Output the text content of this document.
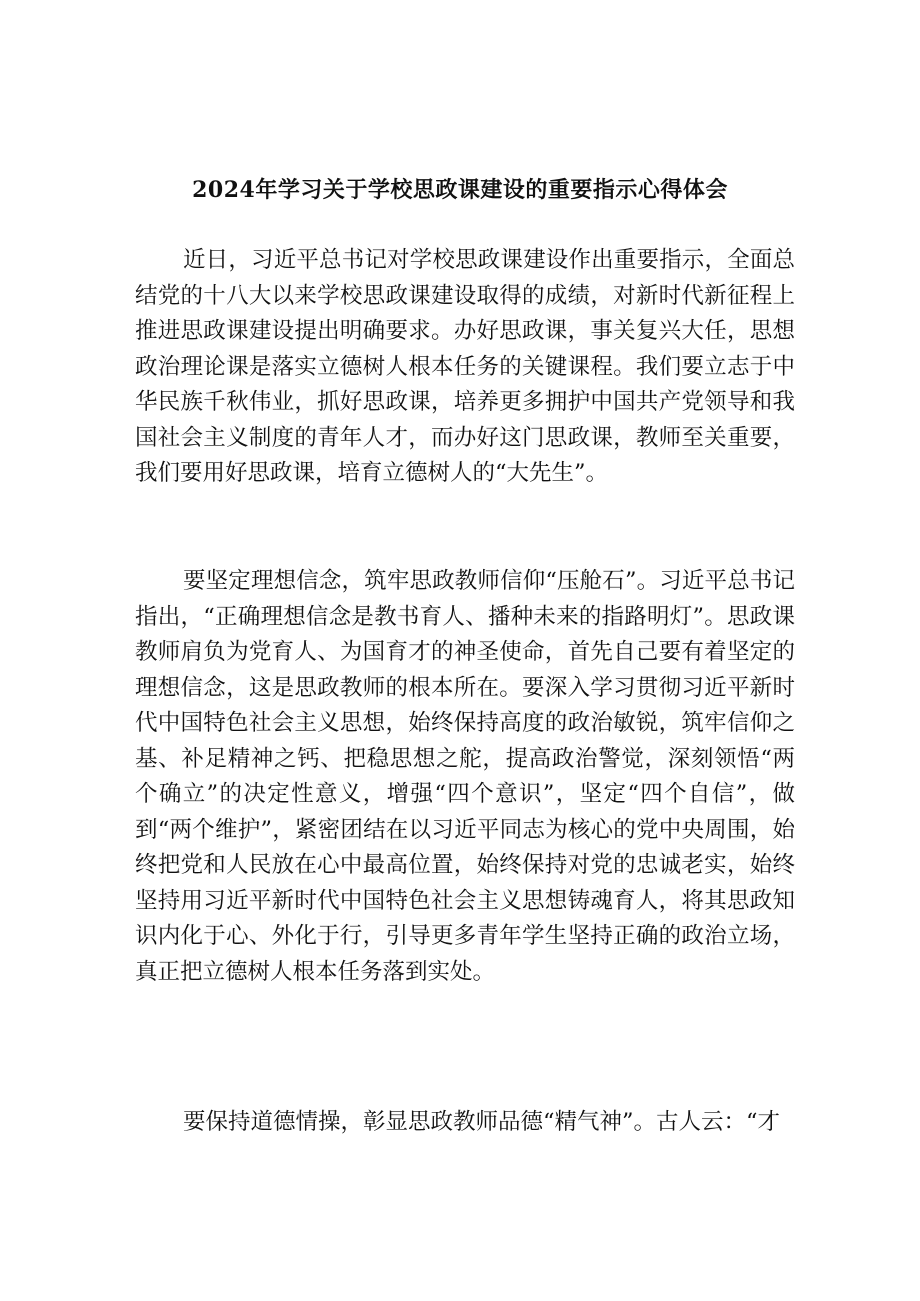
2024年学习关于学校思政课建设的重要指示心得体会

近日，习近平总书记对学校思政课建设作出重要指示，全面总结党的十八大以来学校思政课建设取得的成绩，对新时代新征程上推进思政课建设提出明确要求。办好思政课，事关复兴大任，思想政治理论课是落实立德树人根本任务的关键课程。我们要立志于中华民族千秋伟业，抓好思政课，培养更多拥护中国共产党领导和我国社会主义制度的青年人才，而办好这门思政课，教师至关重要，我们要用好思政课，培育立德树人的“大先生”。

要坚定理想信念，筑牢思政教师信仰“压舱石”。习近平总书记指出，“正确理想信念是教书育人、播种未来的指路明灯”。思政课教师肩负为党育人、为国育才的神圣使命，首先自己要有着坚定的理想信念，这是思政教师的根本所在。要深入学习贯彻习近平新时代中国特色社会主义思想，始终保持高度的政治敏锐，筑牢信仰之基、补足精神之钙、把稳思想之舵，提高政治警觉，深刻领悟“两个确立”的决定性意义，增强“四个意识”，坚定“四个自信”，做到“两个维护”，紧密团结在以习近平同志为核心的党中央周围，始终把党和人民放在心中最高位置，始终保持对党的忠诚老实，始终坚持用习近平新时代中国特色社会主义思想铸魂育人，将其思政知识内化于心、外化于行，引导更多青年学生坚持正确的政治立场，真正把立德树人根本任务落到实处。

要保持道德情操，彰显思政教师品德“精气神”。古人云：“才
